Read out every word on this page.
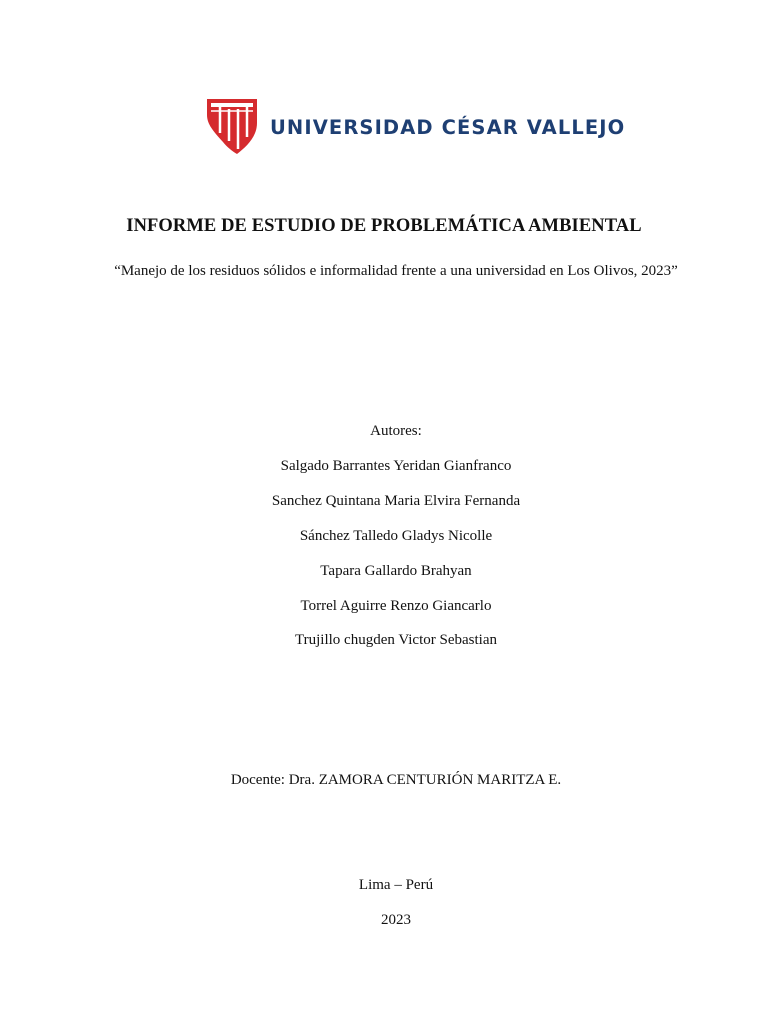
UNIVERSIDAD CÉSAR VALLEJO
INFORME DE ESTUDIO DE PROBLEMÁTICA AMBIENTAL
“Manejo de los residuos sólidos e informalidad frente a una universidad en Los Olivos, 2023”
Autores:
Salgado Barrantes Yeridan Gianfranco
Sanchez Quintana Maria Elvira Fernanda
Sánchez Talledo Gladys Nicolle
Tapara Gallardo Brahyan
Torrel Aguirre Renzo Giancarlo
Trujillo chugden Victor Sebastian
Docente: Dra. ZAMORA CENTURIÓN MARITZA E.
Lima – Perú
2023
